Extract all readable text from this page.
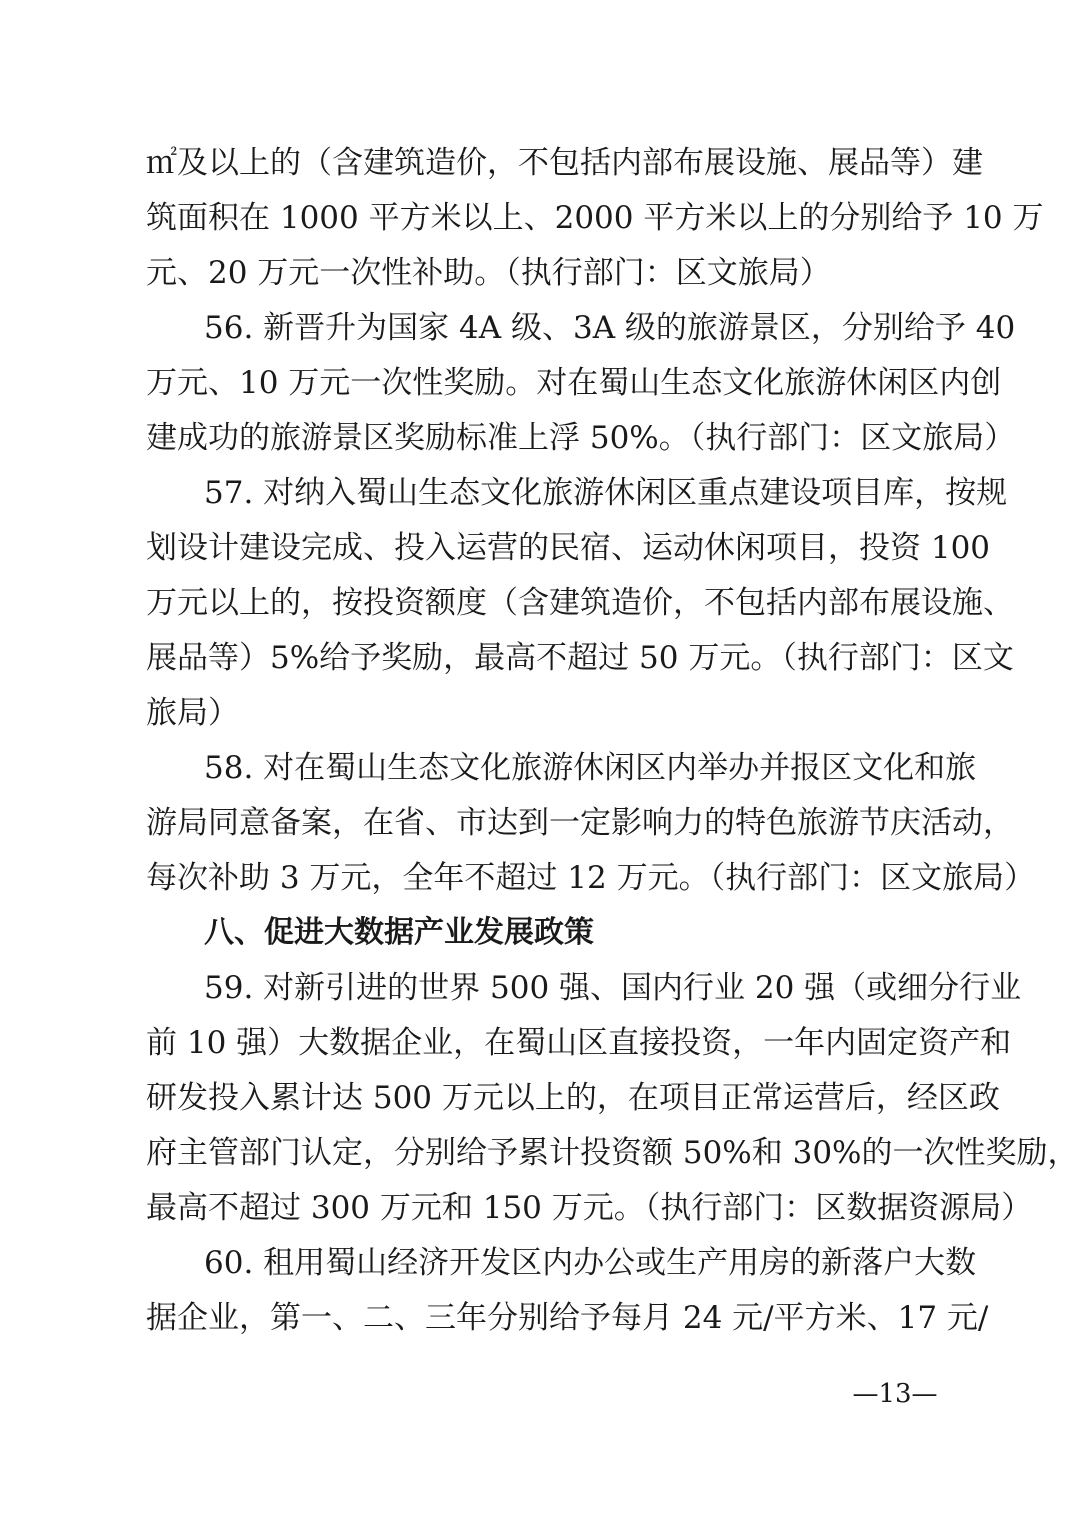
㎡及以上的（含建筑造价，不包括内部布展设施、展品等）建
筑面积在 1000 平方米以上、2000 平方米以上的分别给予 10 万
元、20 万元一次性补助。（执行部门：区文旅局）
56. 新晋升为国家 4A 级、3A 级的旅游景区，分别给予 40
万元、10 万元一次性奖励。对在蜀山生态文化旅游休闲区内创
建成功的旅游景区奖励标准上浮 50%。（执行部门：区文旅局）
57. 对纳入蜀山生态文化旅游休闲区重点建设项目库，按规
划设计建设完成、投入运营的民宿、运动休闲项目，投资 100
万元以上的，按投资额度（含建筑造价，不包括内部布展设施、
展品等）5%给予奖励，最高不超过 50 万元。（执行部门：区文
旅局）
58. 对在蜀山生态文化旅游休闲区内举办并报区文化和旅
游局同意备案，在省、市达到一定影响力的特色旅游节庆活动，
每次补助 3 万元，全年不超过 12 万元。（执行部门：区文旅局）
八、促进大数据产业发展政策
59. 对新引进的世界 500 强、国内行业 20 强（或细分行业
前 10 强）大数据企业，在蜀山区直接投资，一年内固定资产和
研发投入累计达 500 万元以上的，在项目正常运营后，经区政
府主管部门认定，分别给予累计投资额 50%和 30%的一次性奖励，
最高不超过 300 万元和 150 万元。（执行部门：区数据资源局）
60. 租用蜀山经济开发区内办公或生产用房的新落户大数
据企业，第一、二、三年分别给予每月 24 元/平方米、17 元/
—13—
